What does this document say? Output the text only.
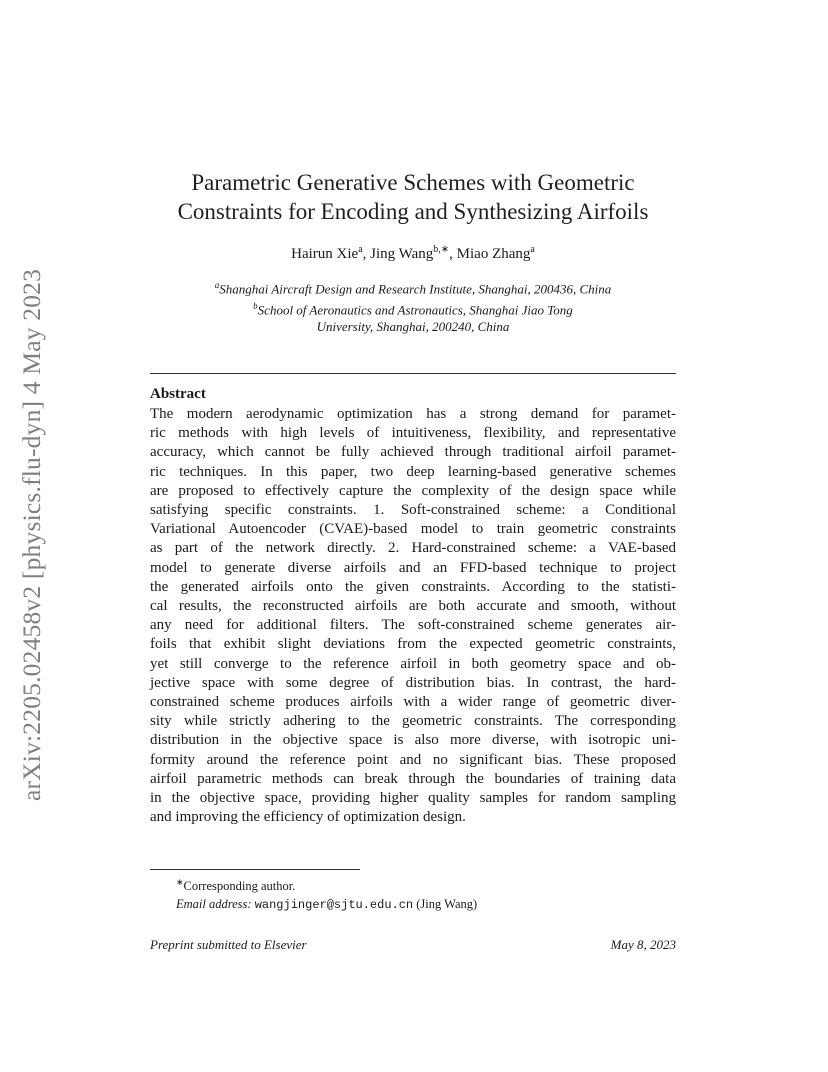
arXiv:2205.02458v2 [physics.flu-dyn] 4 May 2023
Parametric Generative Schemes with Geometric
Constraints for Encoding and Synthesizing Airfoils
Hairun Xie$^a$, Jing Wang$^{b,∗}$, Miao Zhang$^a$
$^a$Shanghai Aircraft Design and Research Institute, Shanghai, 200436, China
$^b$School of Aeronautics and Astronautics, Shanghai Jiao Tong
University, Shanghai, 200240, China
Abstract
The modern aerodynamic optimization has a strong demand for paramet-
ric methods with high levels of intuitiveness, flexibility, and representative
accuracy, which cannot be fully achieved through traditional airfoil paramet-
ric techniques. In this paper, two deep learning-based generative schemes
are proposed to effectively capture the complexity of the design space while
satisfying specific constraints. 1. Soft-constrained scheme: a Conditional
Variational Autoencoder (CVAE)-based model to train geometric constraints
as part of the network directly. 2. Hard-constrained scheme: a VAE-based
model to generate diverse airfoils and an FFD-based technique to project
the generated airfoils onto the given constraints. According to the statisti-
cal results, the reconstructed airfoils are both accurate and smooth, without
any need for additional filters. The soft-constrained scheme generates air-
foils that exhibit slight deviations from the expected geometric constraints,
yet still converge to the reference airfoil in both geometry space and ob-
jective space with some degree of distribution bias. In contrast, the hard-
constrained scheme produces airfoils with a wider range of geometric diver-
sity while strictly adhering to the geometric constraints. The corresponding
distribution in the objective space is also more diverse, with isotropic uni-
formity around the reference point and no significant bias. These proposed
airfoil parametric methods can break through the boundaries of training data
in the objective space, providing higher quality samples for random sampling
and improving the efficiency of optimization design.
∗Corresponding author.
Email address: wangjinger@sjtu.edu.cn (Jing Wang)
Preprint submitted to Elsevier	May 8, 2023
